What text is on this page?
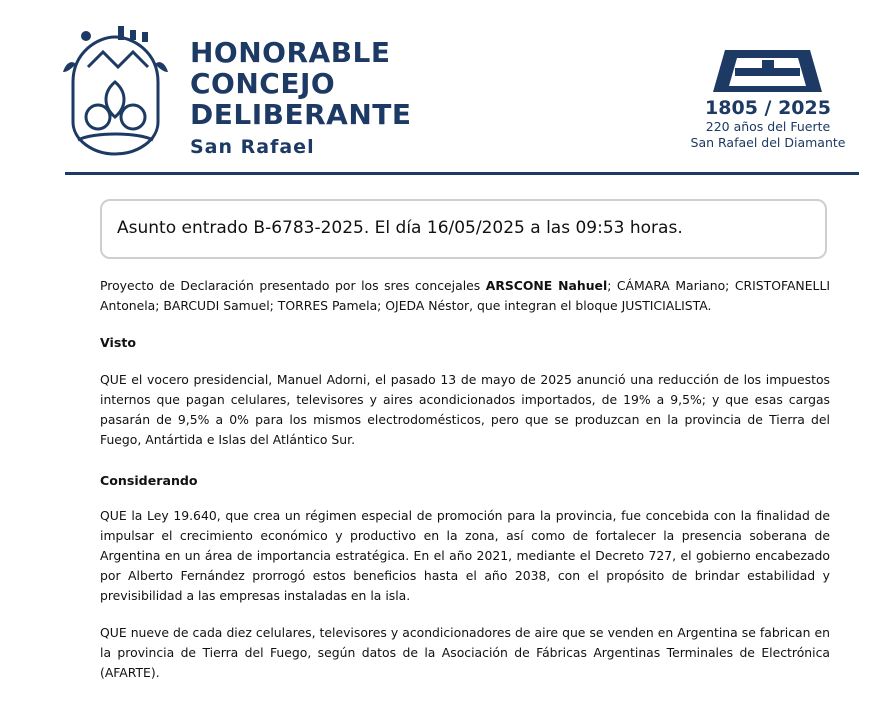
HONORABLE
CONCEJO
DELIBERANTE
San Rafael
1805 / 2025
220 años del Fuerte
San Rafael del Diamante
Asunto entrado B-6783-2025. El día 16/05/2025 a las 09:53 horas.

Proyecto de Declaración presentado por los sres concejales ARSCONE Nahuel; CÁMARA Mariano; CRISTOFANELLI Antonela; BARCUDI Samuel; TORRES Pamela; OJEDA Néstor, que integran el bloque JUSTICIALISTA.

Visto

QUE el vocero presidencial, Manuel Adorni, el pasado 13 de mayo de 2025 anunció una reducción de los impuestos internos que pagan celulares, televisores y aires acondicionados importados, de 19% a 9,5%; y que esas cargas pasarán de 9,5% a 0% para los mismos electrodomésticos, pero que se produzcan en la provincia de Tierra del Fuego, Antártida e Islas del Atlántico Sur.

Considerando

QUE la Ley 19.640, que crea un régimen especial de promoción para la provincia, fue concebida con la finalidad de impulsar el crecimiento económico y productivo en la zona, así como de fortalecer la presencia soberana de Argentina en un área de importancia estratégica. En el año 2021, mediante el Decreto 727, el gobierno encabezado por Alberto Fernández prorrogó estos beneficios hasta el año 2038, con el propósito de brindar estabilidad y previsibilidad a las empresas instaladas en la isla.

QUE nueve de cada diez celulares, televisores y acondicionadores de aire que se venden en Argentina se fabrican en la provincia de Tierra del Fuego, según datos de la Asociación de Fábricas Argentinas Terminales de Electrónica (AFARTE).
